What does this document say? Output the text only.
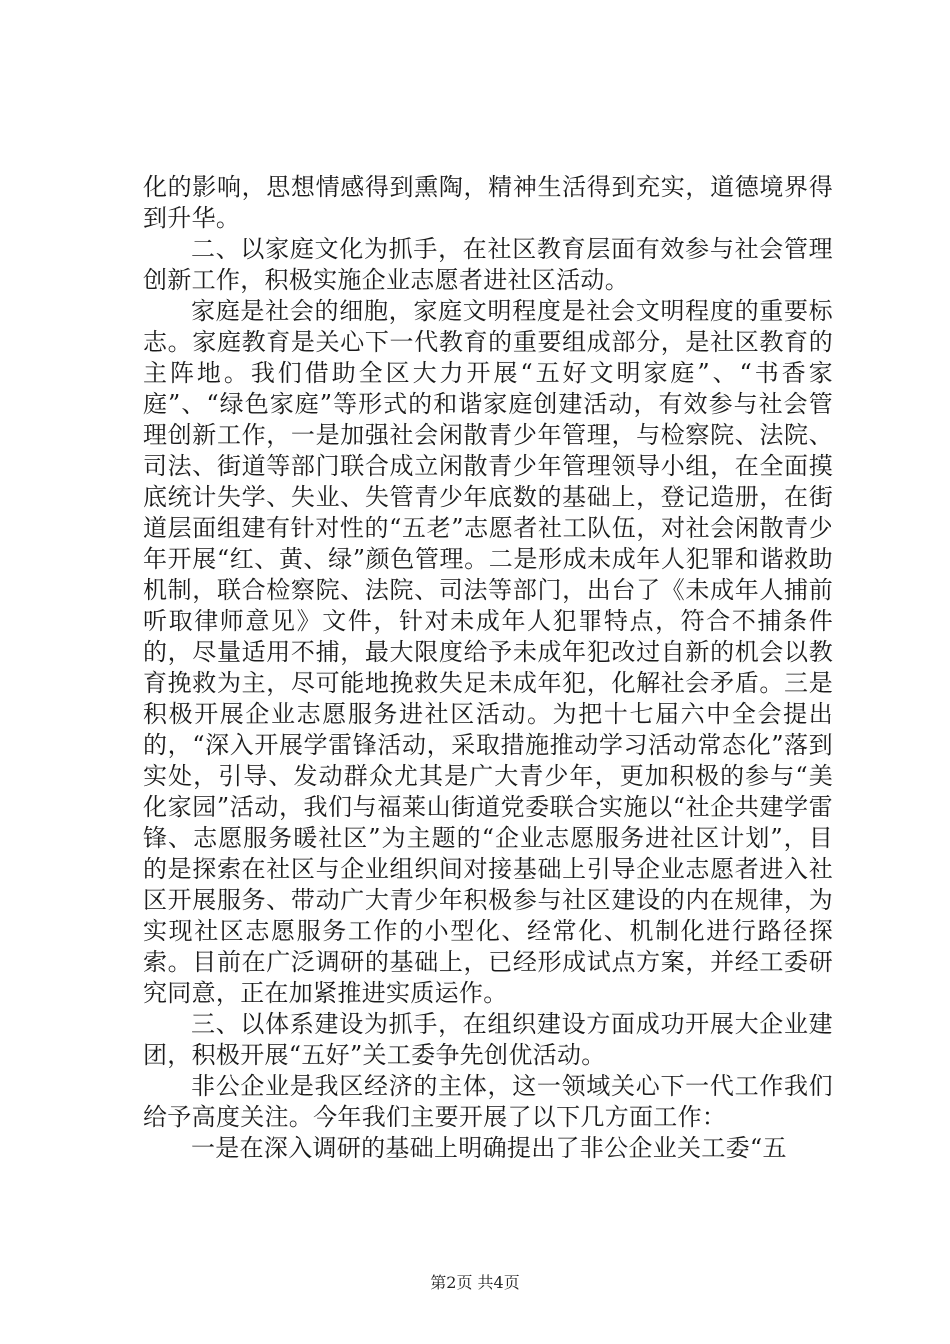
化的影响，思想情感得到熏陶，精神生活得到充实，道德境界得到升华。

二、以家庭文化为抓手，在社区教育层面有效参与社会管理创新工作，积极实施企业志愿者进社区活动。

家庭是社会的细胞，家庭文明程度是社会文明程度的重要标志。家庭教育是关心下一代教育的重要组成部分，是社区教育的主阵地。我们借助全区大力开展“五好文明家庭”、“书香家庭”、“绿色家庭”等形式的和谐家庭创建活动，有效参与社会管理创新工作，一是加强社会闲散青少年管理，与检察院、法院、司法、街道等部门联合成立闲散青少年管理领导小组，在全面摸底统计失学、失业、失管青少年底数的基础上，登记造册，在街道层面组建有针对性的“五老”志愿者社工队伍，对社会闲散青少年开展“红、黄、绿”颜色管理。二是形成未成年人犯罪和谐救助机制，联合检察院、法院、司法等部门，出台了《未成年人捕前听取律师意见》文件，针对未成年人犯罪特点，符合不捕条件的，尽量适用不捕，最大限度给予未成年犯改过自新的机会以教育挽救为主，尽可能地挽救失足未成年犯，化解社会矛盾。三是积极开展企业志愿服务进社区活动。为把十七届六中全会提出的，“深入开展学雷锋活动，采取措施推动学习活动常态化”落到实处，引导、发动群众尤其是广大青少年，更加积极的参与“美化家园”活动，我们与福莱山街道党委联合实施以“社企共建学雷锋、志愿服务暖社区”为主题的“企业志愿服务进社区计划”，目的是探索在社区与企业组织间对接基础上引导企业志愿者进入社区开展服务、带动广大青少年积极参与社区建设的内在规律，为实现社区志愿服务工作的小型化、经常化、机制化进行路径探索。目前在广泛调研的基础上，已经形成试点方案，并经工委研究同意，正在加紧推进实质运作。

三、以体系建设为抓手，在组织建设方面成功开展大企业建团，积极开展“五好”关工委争先创优活动。

非公企业是我区经济的主体，这一领域关心下一代工作我们给予高度关注。今年我们主要开展了以下几方面工作：

一是在深入调研的基础上明确提出了非公企业关工委“五

第2页 共4页
